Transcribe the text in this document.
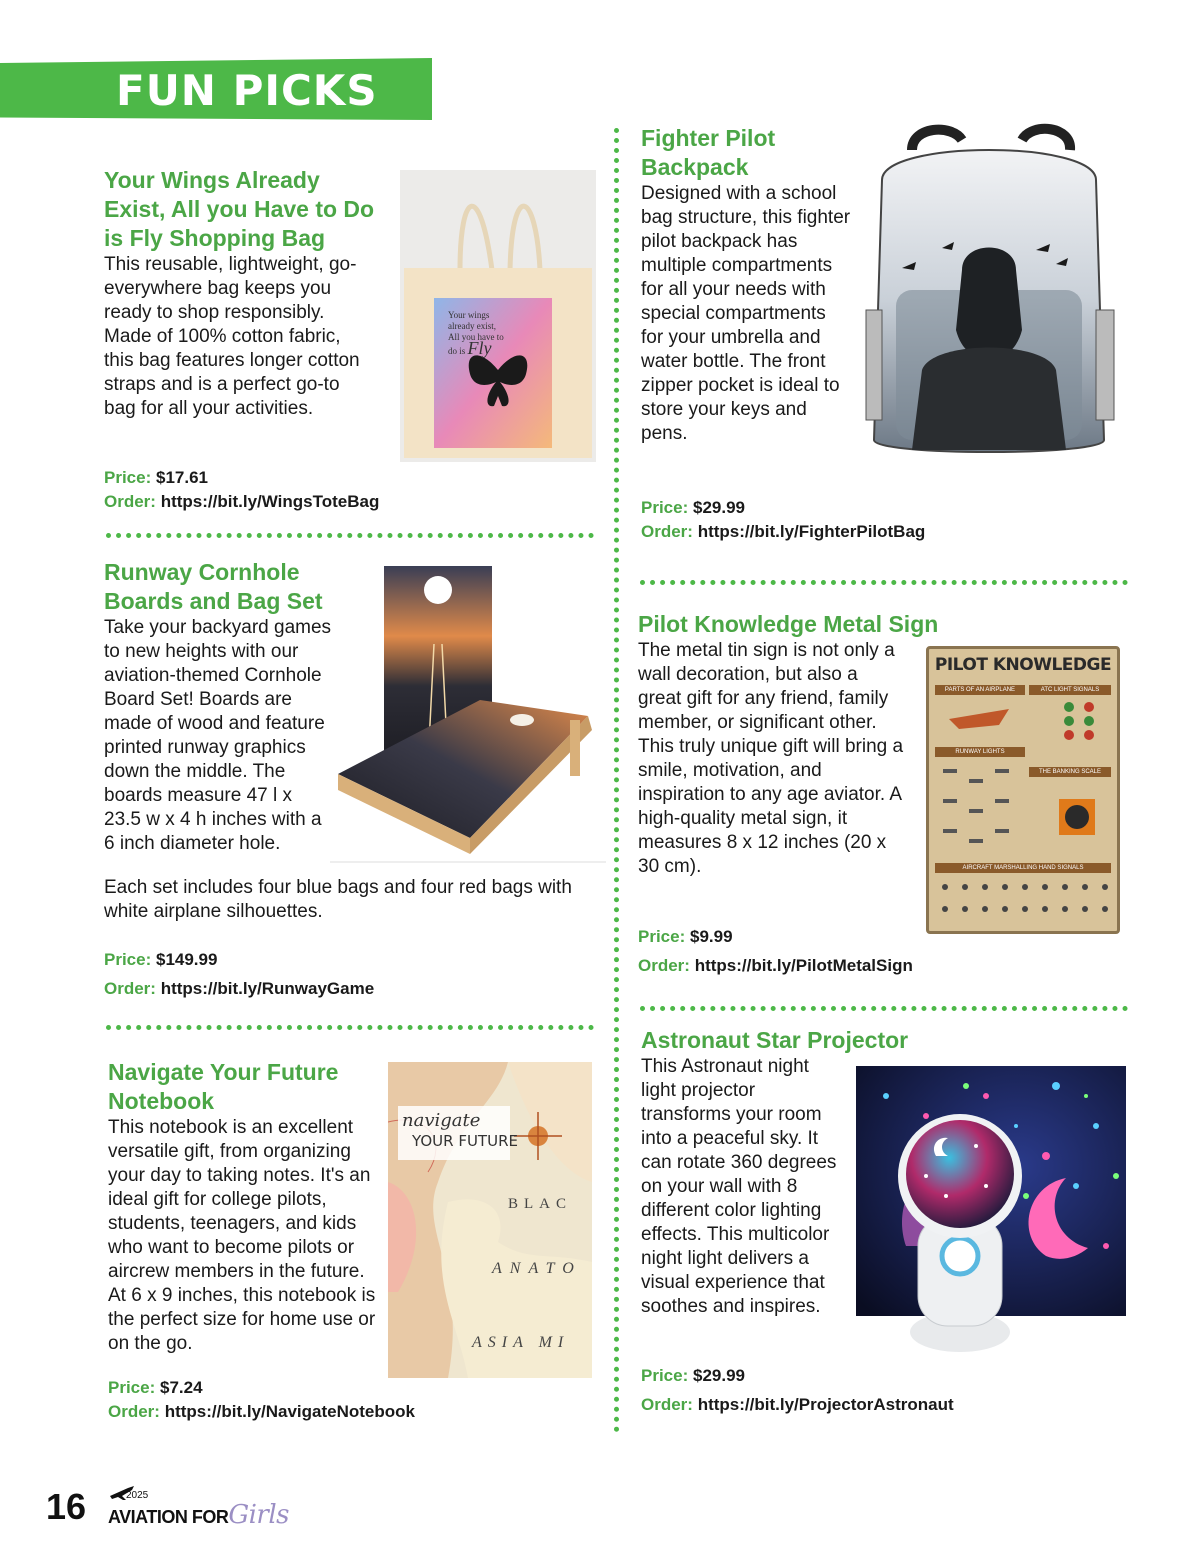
FUN PICKS

Your Wings Already Exist, All you Have to Do is Fly Shopping Bag

This reusable, lightweight, go-everywhere bag keeps you ready to shop responsibly. Made of 100% cotton fabric, this bag features longer cotton straps and is a perfect go-to bag for all your activities.

Your wings
already exist,
All you have to
do is Fly
Price: $17.61
Order: https://bit.ly/WingsToteBag

Runway Cornhole Boards and Bag Set

Take your backyard games to new heights with our aviation-themed Cornhole Board Set! Boards are made of wood and feature printed runway graphics down the middle. The boards measure 47 l x 23.5 w x 4 h inches with a 6 inch diameter hole.

Each set includes four blue bags and four red bags with white airplane silhouettes.

Price: $149.99
Order: https://bit.ly/RunwayGame

Navigate Your Future Notebook

This notebook is an excellent versatile gift, from organizing your day to taking notes. It's an ideal gift for college pilots, students, teenagers, and kids who want to become pilots or aircrew members in the future. At 6 x 9 inches, this notebook is the perfect size for home use or on the go.

navigate
YOUR FUTURE
BLAC
ANATO
ASIA MI
Price: $7.24
Order: https://bit.ly/NavigateNotebook

Fighter Pilot Backpack

Designed with a school bag structure, this fighter pilot backpack has multiple compartments for all your needs with special compartments for your umbrella and water bottle. The front zipper pocket is ideal to store your keys and pens.

Price: $29.99
Order: https://bit.ly/FighterPilotBag

Pilot Knowledge Metal Sign

The metal tin sign is not only a wall decoration, but also a great gift for any friend, family member, or significant other. This truly unique gift will bring a smile, motivation, and inspiration to any age aviator. A high-quality metal sign, it measures 8 x 12 inches (20 x 30 cm).

PILOT KNOWLEDGE
PARTS OF AN AIRPLANE	ATC LIGHT SIGNALS
RUNWAY LIGHTS
THE BANKING SCALE
AIRCRAFT MARSHALLING HAND SIGNALS
Price: $9.99
Order: https://bit.ly/PilotMetalSign

Astronaut Star Projector

This Astronaut night light projector transforms your room into a peaceful sky. It can rotate 360 degrees on your wall with 8 different color lighting effects. This multicolor night light delivers a visual experience that soothes and inspires.

Price: $29.99
Order: https://bit.ly/ProjectorAstronaut
16	2025
AVIATION FORGirls
